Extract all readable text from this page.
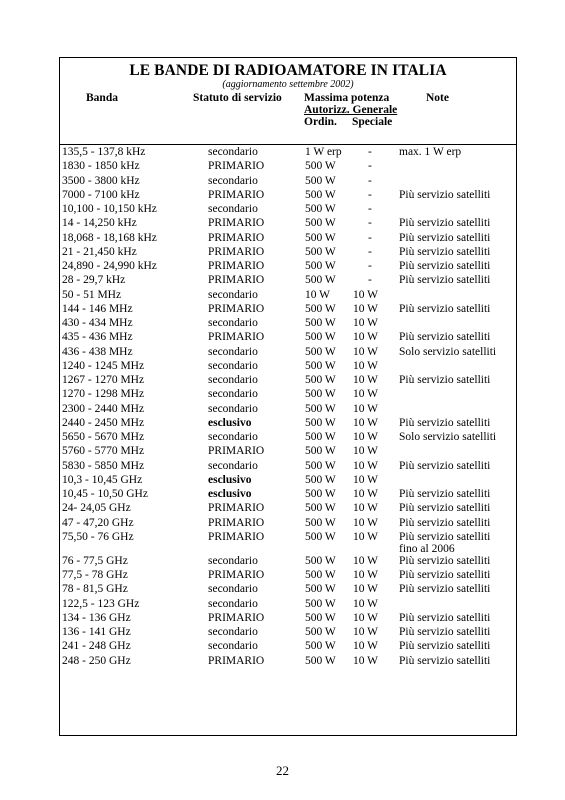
LE BANDE DI RADIOAMATORE IN ITALIA
(aggiornamento settembre 2002)
Banda	Statuto di servizio Massima potenza
Autorizz. Generale
Ordin. Speciale
Note
135,5 - 137,8 kHz	secondario	1 W erp - max. 1 W erp
1830 - 1850 kHz	PRIMARIO	500 W	-
3500 - 3800 kHz	secondario	500 W	-
7000 - 7100 kHz	PRIMARIO	500 W	- Più servizio satelliti
10,100 - 10,150 kHz	secondario	500 W	-
14 - 14,250 kHz	PRIMARIO	500 W	- Più servizio satelliti
18,068 - 18,168 kHz	PRIMARIO	500 W	- Più servizio satelliti
21 - 21,450 kHz	PRIMARIO	500 W	- Più servizio satelliti
24,890 - 24,990 kHz	PRIMARIO	500 W	- Più servizio satelliti
28 - 29,7 kHz	PRIMARIO	500 W	- Più servizio satelliti
50 - 51 MHz	secondario	10 W 10 W
144 - 146 MHz	PRIMARIO	500 W 10 W Più servizio satelliti
430 - 434 MHz	secondario	500 W 10 W
435 - 436 MHz	PRIMARIO	500 W 10 W Più servizio satelliti
436 - 438 MHz	secondario	500 W 10 W Solo servizio satelliti
1240 - 1245 MHz	secondario	500 W 10 W
1267 - 1270 MHz	secondario	500 W 10 W Più servizio satelliti
1270 - 1298 MHz	secondario	500 W 10 W
2300 - 2440 MHz	secondario	500 W 10 W
2440 - 2450 MHz	esclusivo	500 W 10 W Più servizio satelliti
5650 - 5670 MHz	secondario	500 W 10 W Solo servizio satelliti
5760 - 5770 MHz	PRIMARIO	500 W 10 W
5830 - 5850 MHz	secondario	500 W 10 W Più servizio satelliti
10,3 - 10,45 GHz	esclusivo	500 W 10 W
10,45 - 10,50 GHz	esclusivo	500 W 10 W Più servizio satelliti
24- 24,05 GHz	PRIMARIO	500 W 10 W Più servizio satelliti
47 - 47,20 GHz	PRIMARIO	500 W 10 W Più servizio satelliti
75,50 - 76 GHz	PRIMARIO	500 W 10 W Più servizio satelliti
fino al 2006
76 - 77,5 GHz	secondario	500 W 10 W Più servizio satelliti
77,5 - 78 GHz	PRIMARIO	500 W 10 W Più servizio satelliti
78 - 81,5 GHz	secondario	500 W 10 W Più servizio satelliti
122,5 - 123 GHz	secondario	500 W 10 W
134 - 136 GHz	PRIMARIO	500 W 10 W Più servizio satelliti
136 - 141 GHz	secondario	500 W 10 W Più servizio satelliti
241 - 248 GHz	secondario	500 W 10 W Più servizio satelliti
248 - 250 GHz	PRIMARIO	500 W 10 W Più servizio satelliti
22
